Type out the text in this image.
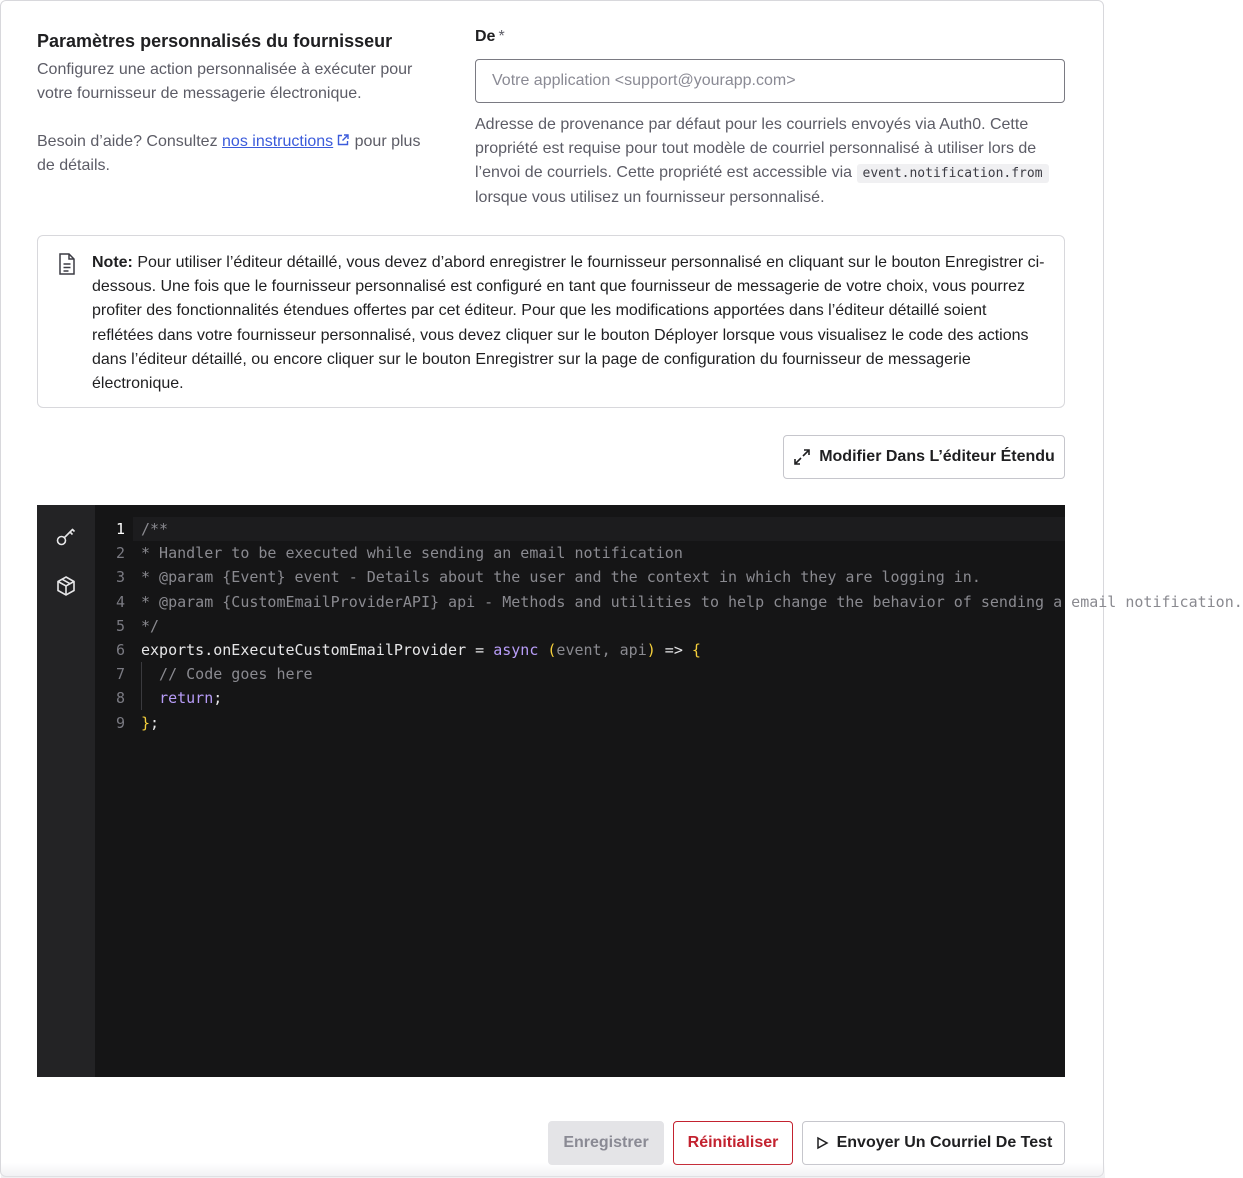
Paramètres personnalisés du fournisseur
Configurez une action personnalisée à exécuter pour votre fournisseur de messagerie électronique.
Besoin d’aide? Consultez nos instructions pour plus de détails.
De *
Votre application <support@yourapp.com>
Adresse de provenance par défaut pour les courriels envoyés via Auth0. Cette propriété est requise pour tout modèle de courriel personnalisé à utiliser lors de l’envoi de courriels. Cette propriété est accessible via event.notification.from lorsque vous utilisez un fournisseur personnalisé.
Note: Pour utiliser l’éditeur détaillé, vous devez d’abord enregistrer le fournisseur personnalisé en cliquant sur le bouton Enregistrer ci-dessous. Une fois que le fournisseur personnalisé est configuré en tant que fournisseur de messagerie de votre choix, vous pourrez profiter des fonctionnalités étendues offertes par cet éditeur. Pour que les modifications apportées dans l’éditeur détaillé soient reflétées dans votre fournisseur personnalisé, vous devez cliquer sur le bouton Déployer lorsque vous visualisez le code des actions dans l’éditeur détaillé, ou encore cliquer sur le bouton Enregistrer sur la page de configuration du fournisseur de messagerie électronique.
Modifier Dans L’éditeur Étendu
1
2
3
4
5
6
7
8
9
/**
* Handler to be executed while sending an email notification
* @param {Event} event - Details about the user and the context in which they are logging in.
* @param {CustomEmailProviderAPI} api - Methods and utilities to help change the behavior of sending a email notification.
*/
exports.onExecuteCustomEmailProvider = async (event, api) => {
// Code goes here
return;
};
Enregistrer Réinitialiser	Envoyer Un Courriel De Test
